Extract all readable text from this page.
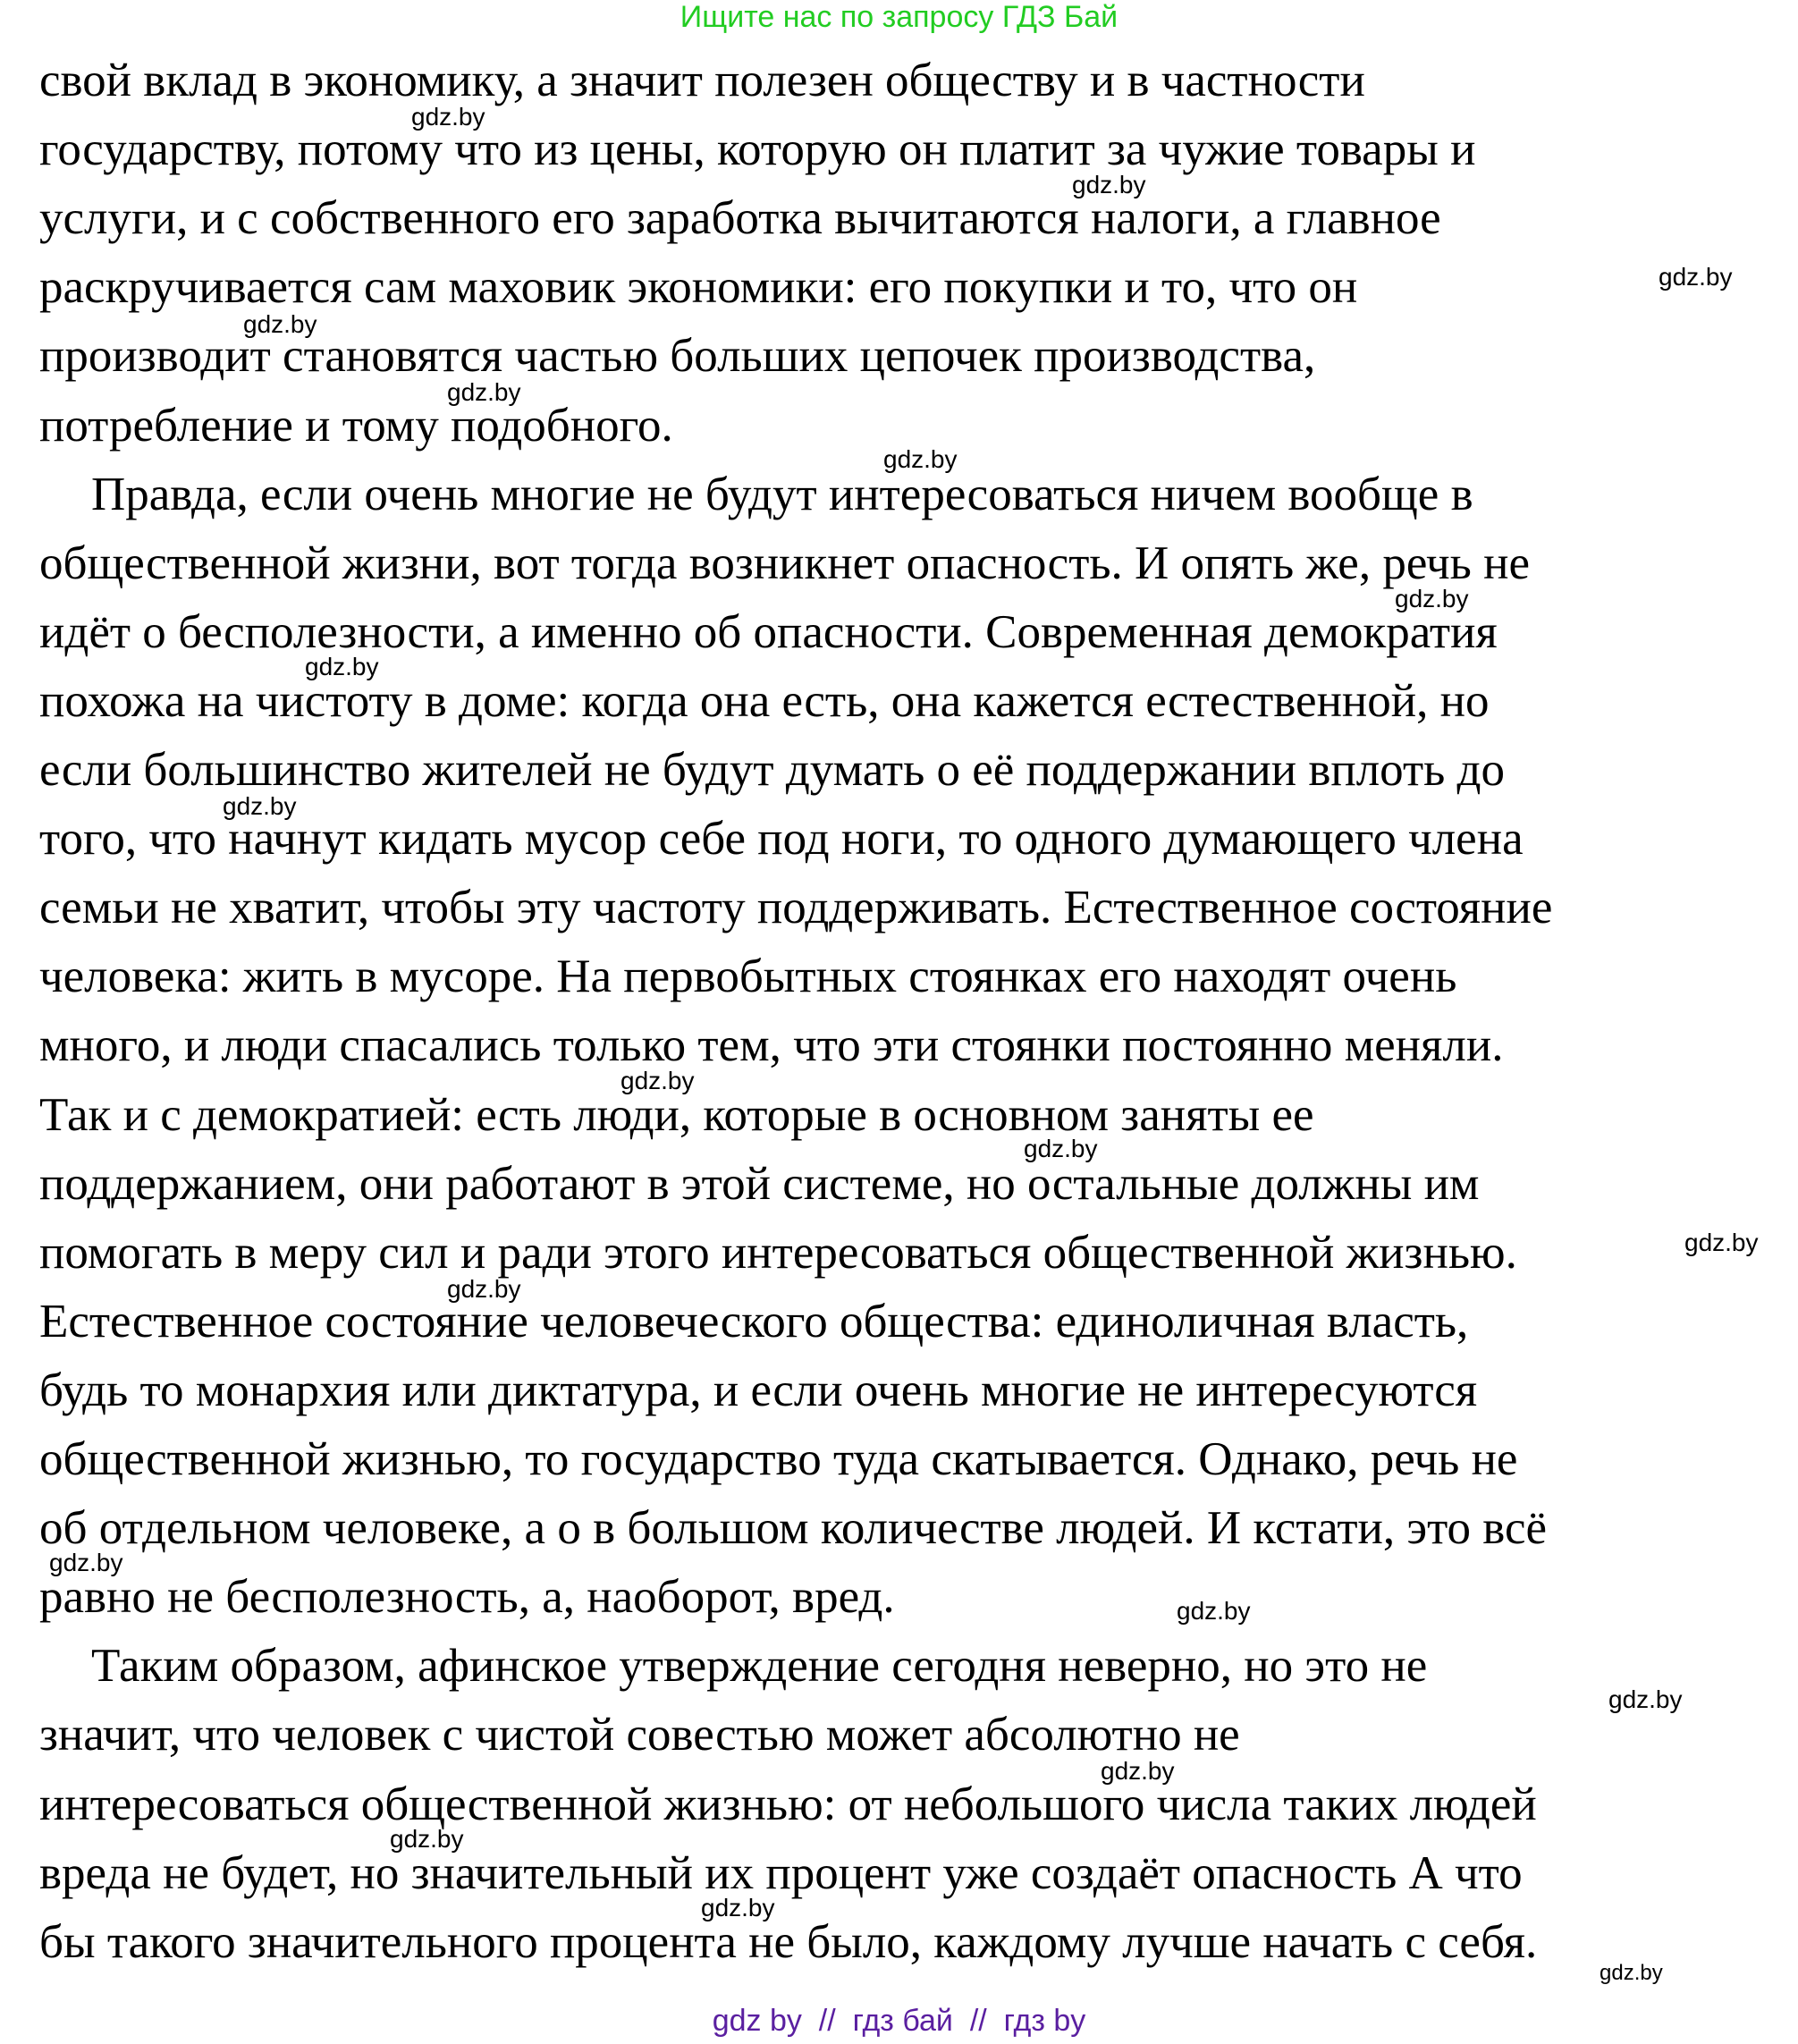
Ищите нас по запросу ГДЗ Бай
свой вклад в экономику, а значит полезен обществу и в частности
государству, потому что из цены, которую он платит за чужие товары и
услуги, и с собственного его заработка вычитаются налоги, а главное
раскручивается сам маховик экономики: его покупки и то, что он
производит становятся частью больших цепочек производства,
потребление и тому подобного.
Правда, если очень многие не будут интересоваться ничем вообще в
общественной жизни, вот тогда возникнет опасность. И опять же, речь не
идёт о бесполезности, а именно об опасности. Современная демократия
похожа на чистоту в доме: когда она есть, она кажется естественной, но
если большинство жителей не будут думать о её поддержании вплоть до
того, что начнут кидать мусор себе под ноги, то одного думающего члена
семьи не хватит, чтобы эту частоту поддерживать. Естественное состояние
человека: жить в мусоре. На первобытных стоянках его находят очень
много, и люди спасались только тем, что эти стоянки постоянно меняли.
Так и с демократией: есть люди, которые в основном заняты ее
поддержанием, они работают в этой системе, но остальные должны им
помогать в меру сил и ради этого интересоваться общественной жизнью.
Естественное состояние человеческого общества: единоличная власть,
будь то монархия или диктатура, и если очень многие не интересуются
общественной жизнью, то государство туда скатывается. Однако, речь не
об отдельном человеке, а о в большом количестве людей. И кстати, это всё
равно не бесполезность, а, наоборот, вред.
Таким образом, афинское утверждение сегодня неверно, но это не
значит, что человек с чистой совестью может абсолютно не
интересоваться общественной жизнью: от небольшого числа таких людей
вреда не будет, но значительный их процент уже создаёт опасность А что
бы такого значительного процента не было, каждому лучше начать с себя.
gdz.by
gdz.by
gdz.by
gdz.by
gdz.by
gdz.by
gdz.by
gdz.by
gdz.by
gdz.by
gdz.by
gdz.by
gdz.by
gdz.by
gdz.by
gdz.by
gdz.by
gdz.by
gdz.by
gdz.by
gdz by  //  гдз бай  //  гдз by
